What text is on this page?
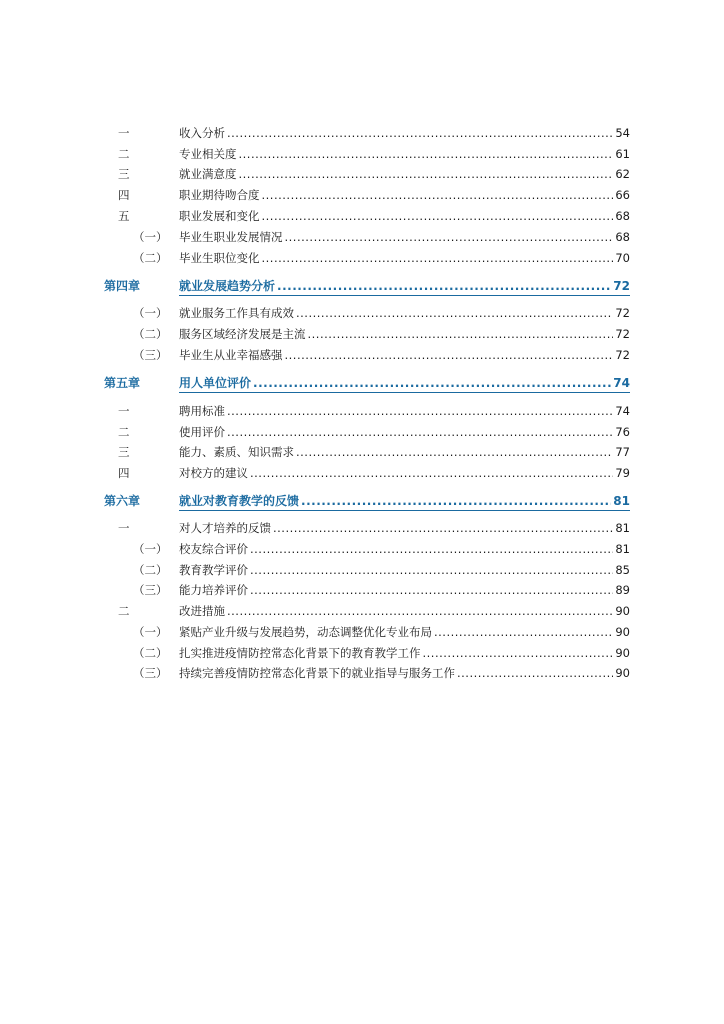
一	收入分析 .....	54
二	专业相关度 .....	61
三	就业满意度 .....	62
四	职业期待吻合度 .....	66
五	职业发展和变化 .....	68
（一） 毕业生职业发展情况 .....	68
（二） 毕业生职位变化 .....	70
第四章	就业发展趋势分析 .....	72
（一） 就业服务工作具有成效 .....	72
（二） 服务区域经济发展是主流 .....	72
（三） 毕业生从业幸福感强 .....	72
第五章	用人单位评价 .....	74
一	聘用标准 .....	74
二	使用评价 .....	76
三	能力、素质、知识需求 .....	77
四	对校方的建议 .....	79
第六章	就业对教育教学的反馈 .....	81
一	对人才培养的反馈 .....	81
（一） 校友综合评价 .....	81
（二） 教育教学评价 .....	85
（三） 能力培养评价 .....	89
二	改进措施 .....	90
（一） 紧贴产业升级与发展趋势，动态调整优化专业布局 .....	90
（二） 扎实推进疫情防控常态化背景下的教育教学工作 .....	90
（三） 持续完善疫情防控常态化背景下的就业指导与服务工作 .....	90
